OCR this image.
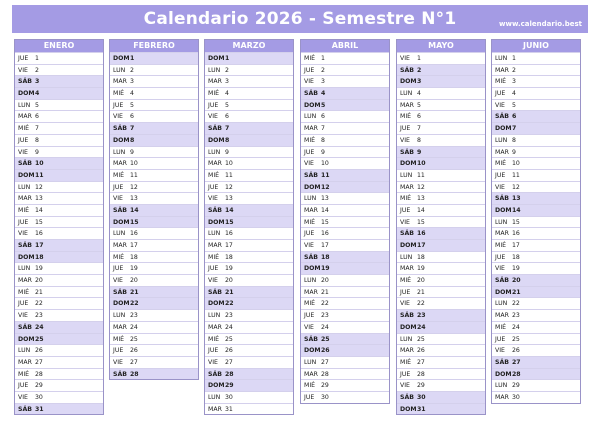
Calendario 2026 - Semestre N°1	www.calendario.best
ENERO
JUE 1
VIE 2
SÁB 3
DOM 4
LUN 5
MAR 6
MIÉ 7
JUE 8
VIE 9
SÁB 10
DOM 11
LUN 12
MAR 13
MIÉ 14
JUE 15
VIE 16
SÁB 17
DOM 18
LUN 19
MAR 20
MIÉ 21
JUE 22
VIE 23
SÁB 24
DOM 25
LUN 26
MAR 27
MIÉ 28
JUE 29
VIE 30
SÁB 31
FEBRERO
DOM 1
LUN 2
MAR 3
MIÉ 4
JUE 5
VIE 6
SÁB 7
DOM 8
LUN 9
MAR 10
MIÉ 11
JUE 12
VIE 13
SÁB 14
DOM 15
LUN 16
MAR 17
MIÉ 18
JUE 19
VIE 20
SÁB 21
DOM 22
LUN 23
MAR 24
MIÉ 25
JUE 26
VIE 27
SÁB 28
MARZO
DOM 1
LUN 2
MAR 3
MIÉ 4
JUE 5
VIE 6
SÁB 7
DOM 8
LUN 9
MAR 10
MIÉ 11
JUE 12
VIE 13
SÁB 14
DOM 15
LUN 16
MAR 17
MIÉ 18
JUE 19
VIE 20
SÁB 21
DOM 22
LUN 23
MAR 24
MIÉ 25
JUE 26
VIE 27
SÁB 28
DOM 29
LUN 30
MAR 31
ABRIL
MIÉ 1
JUE 2
VIE 3
SÁB 4
DOM 5
LUN 6
MAR 7
MIÉ 8
JUE 9
VIE 10
SÁB 11
DOM 12
LUN 13
MAR 14
MIÉ 15
JUE 16
VIE 17
SÁB 18
DOM 19
LUN 20
MAR 21
MIÉ 22
JUE 23
VIE 24
SÁB 25
DOM 26
LUN 27
MAR 28
MIÉ 29
JUE 30
MAYO
VIE 1
SÁB 2
DOM 3
LUN 4
MAR 5
MIÉ 6
JUE 7
VIE 8
SÁB 9
DOM 10
LUN 11
MAR 12
MIÉ 13
JUE 14
VIE 15
SÁB 16
DOM 17
LUN 18
MAR 19
MIÉ 20
JUE 21
VIE 22
SÁB 23
DOM 24
LUN 25
MAR 26
MIÉ 27
JUE 28
VIE 29
SÁB 30
DOM 31
JUNIO
LUN 1
MAR 2
MIÉ 3
JUE 4
VIE 5
SÁB 6
DOM 7
LUN 8
MAR 9
MIÉ 10
JUE 11
VIE 12
SÁB 13
DOM 14
LUN 15
MAR 16
MIÉ 17
JUE 18
VIE 19
SÁB 20
DOM 21
LUN 22
MAR 23
MIÉ 24
JUE 25
VIE 26
SÁB 27
DOM 28
LUN 29
MAR 30
